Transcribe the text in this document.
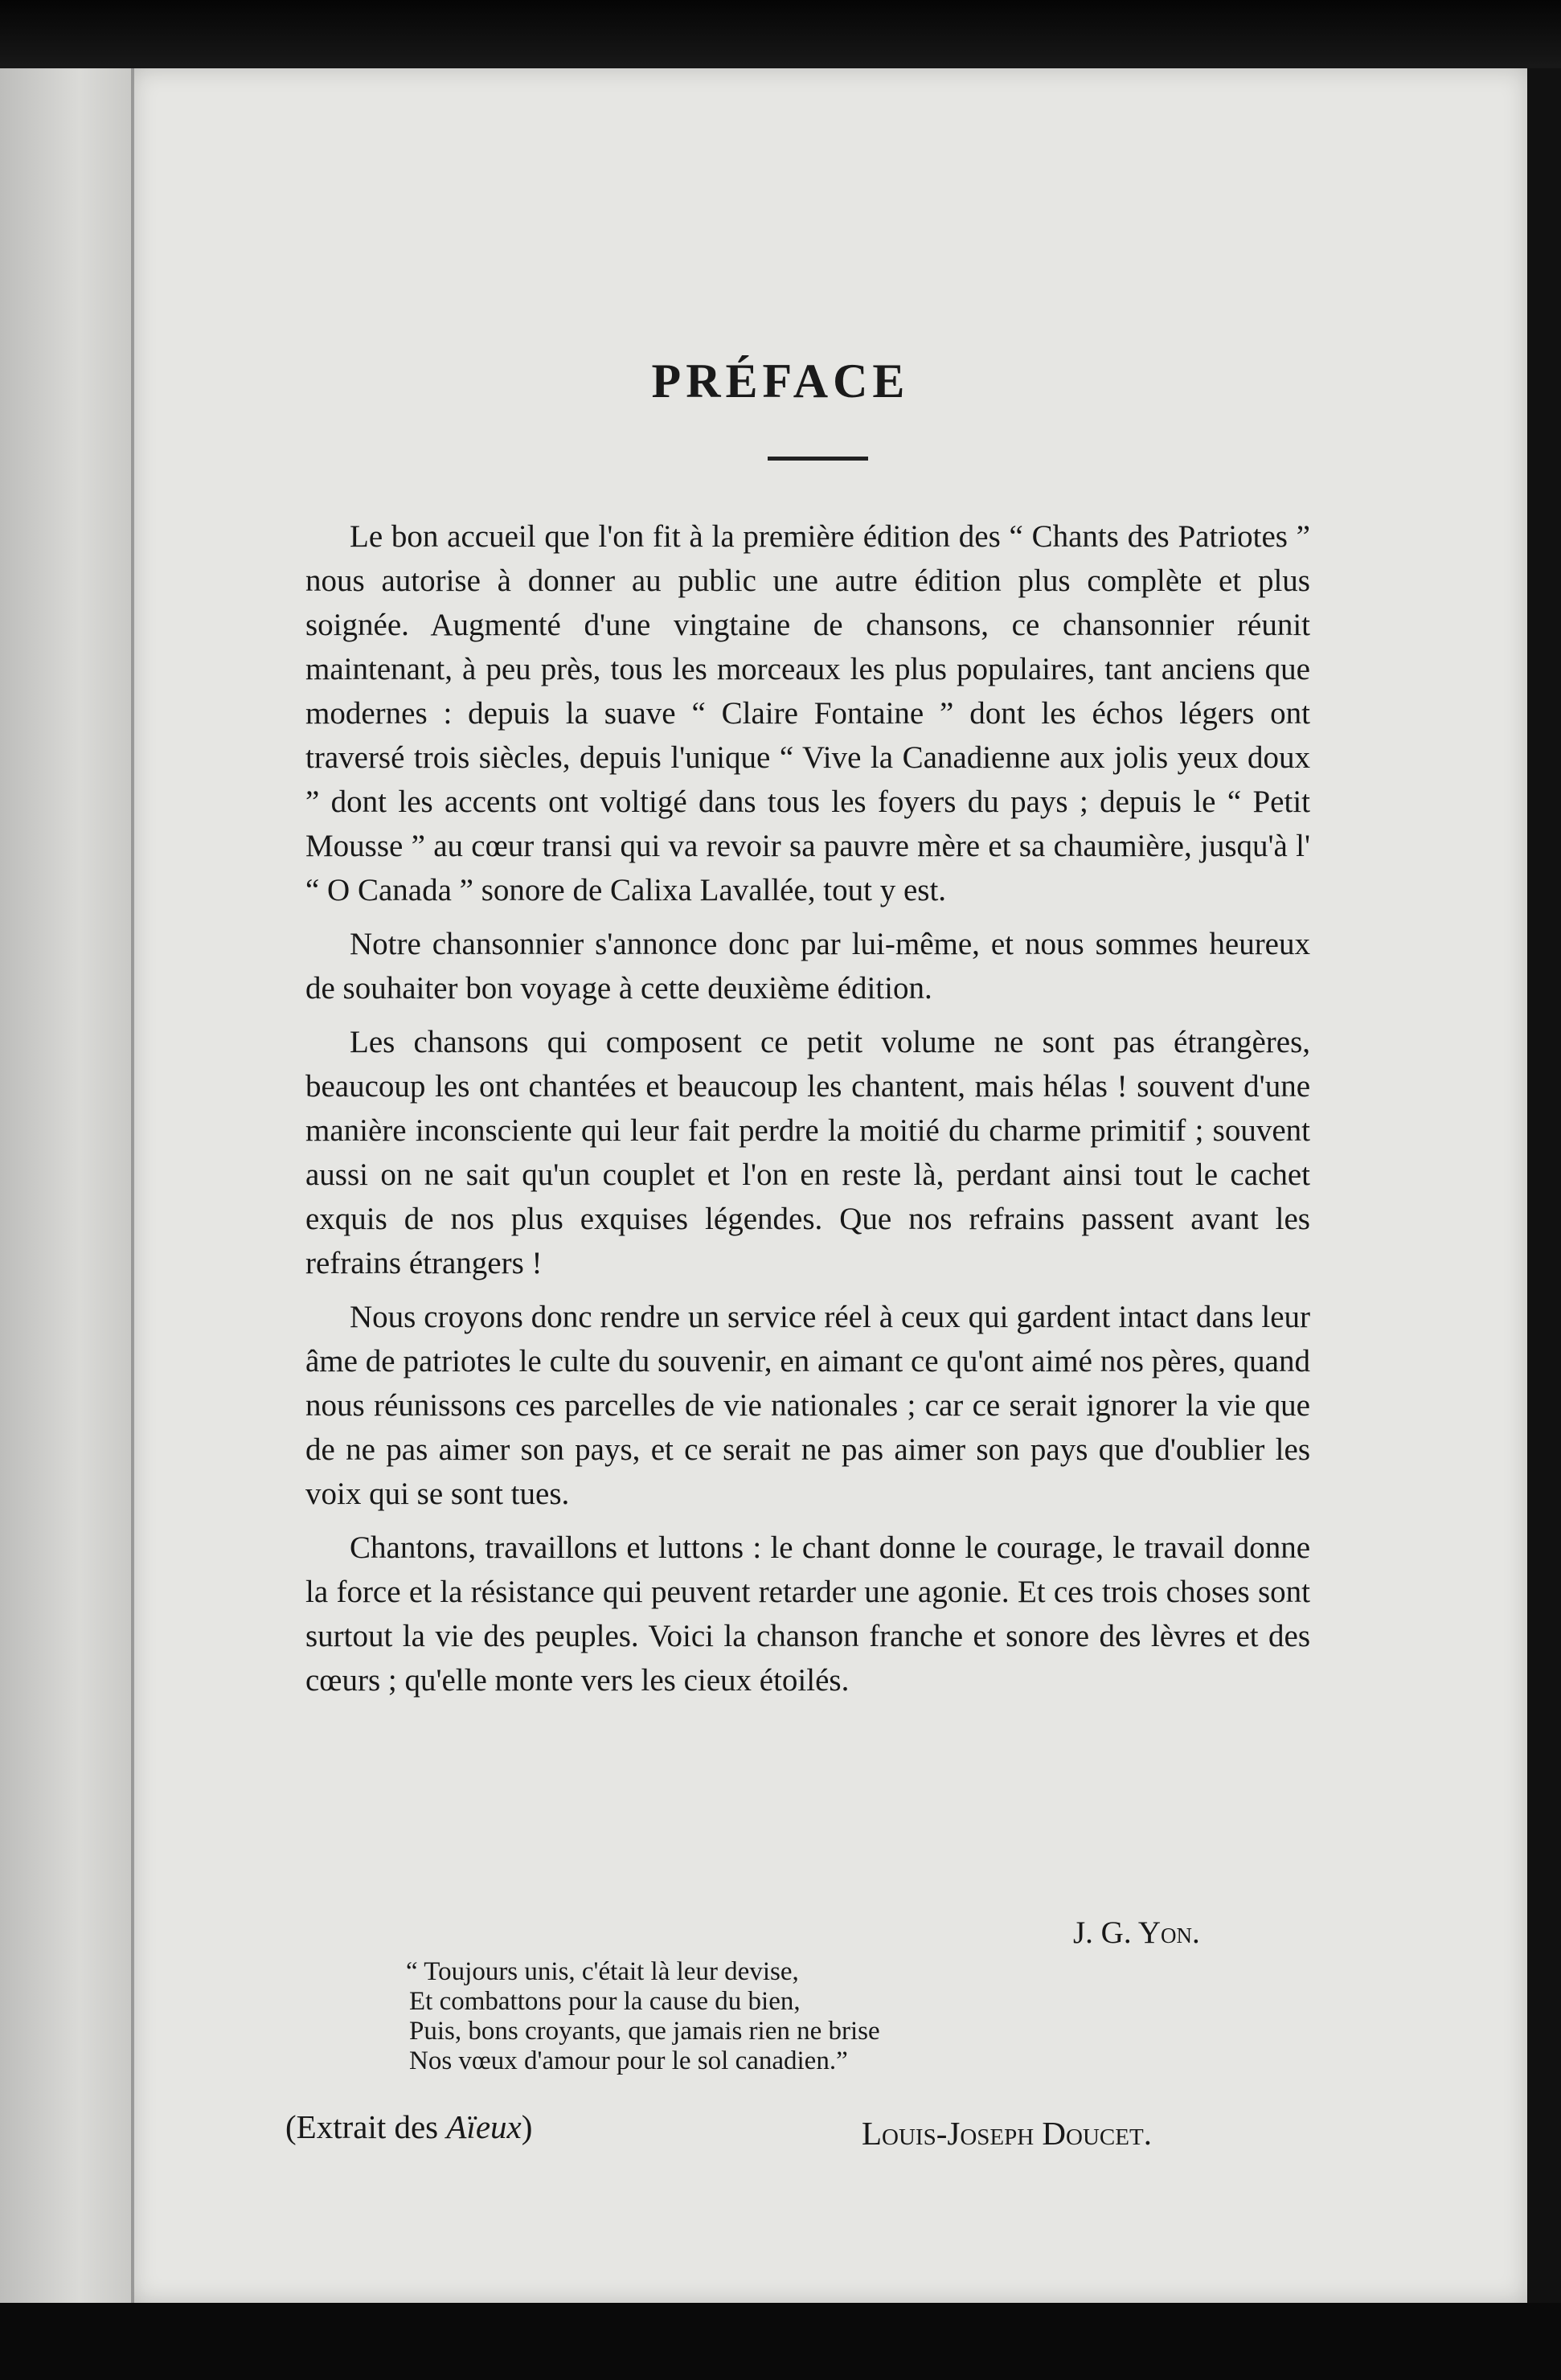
PRÉFACE

Le bon accueil que l'on fit à la première édition des “ Chants des Patriotes ” nous autorise à donner au public une autre édition plus complète et plus soignée. Augmenté d'une vingtaine de chansons, ce chansonnier réunit maintenant, à peu près, tous les morceaux les plus populaires, tant anciens que modernes : depuis la suave “ Claire Fontaine ” dont les échos légers ont traversé trois siècles, depuis l'unique “ Vive la Canadienne aux jolis yeux doux ” dont les accents ont voltigé dans tous les foyers du pays ; depuis le “ Petit Mousse ” au cœur transi qui va revoir sa pauvre mère et sa chaumière, jusqu'à l' “ O Canada ” sonore de Calixa Lavallée, tout y est.

Notre chansonnier s'annonce donc par lui-même, et nous sommes heureux de souhaiter bon voyage à cette deuxième édition.

Les chansons qui composent ce petit volume ne sont pas étrangères, beaucoup les ont chantées et beaucoup les chantent, mais hélas ! souvent d'une manière inconsciente qui leur fait perdre la moitié du charme primitif ; souvent aussi on ne sait qu'un couplet et l'on en reste là, perdant ainsi tout le cachet exquis de nos plus exquises légendes. Que nos refrains passent avant les refrains étrangers !

Nous croyons donc rendre un service réel à ceux qui gardent intact dans leur âme de patriotes le culte du souvenir, en aimant ce qu'ont aimé nos pères, quand nous réunissons ces parcelles de vie nationales ; car ce serait ignorer la vie que de ne pas aimer son pays, et ce serait ne pas aimer son pays que d'oublier les voix qui se sont tues.

Chantons, travaillons et luttons : le chant donne le courage, le travail donne la force et la résistance qui peuvent retarder une agonie. Et ces trois choses sont surtout la vie des peuples. Voici la chanson franche et sonore des lèvres et des cœurs ; qu'elle monte vers les cieux étoilés.

J. G. Yon.
“ Toujours unis, c'était là leur devise,
Et combattons pour la cause du bien,
Puis, bons croyants, que jamais rien ne brise
Nos vœux d'amour pour le sol canadien.”
(Extrait des Aïeux)	Louis-Joseph Doucet.
